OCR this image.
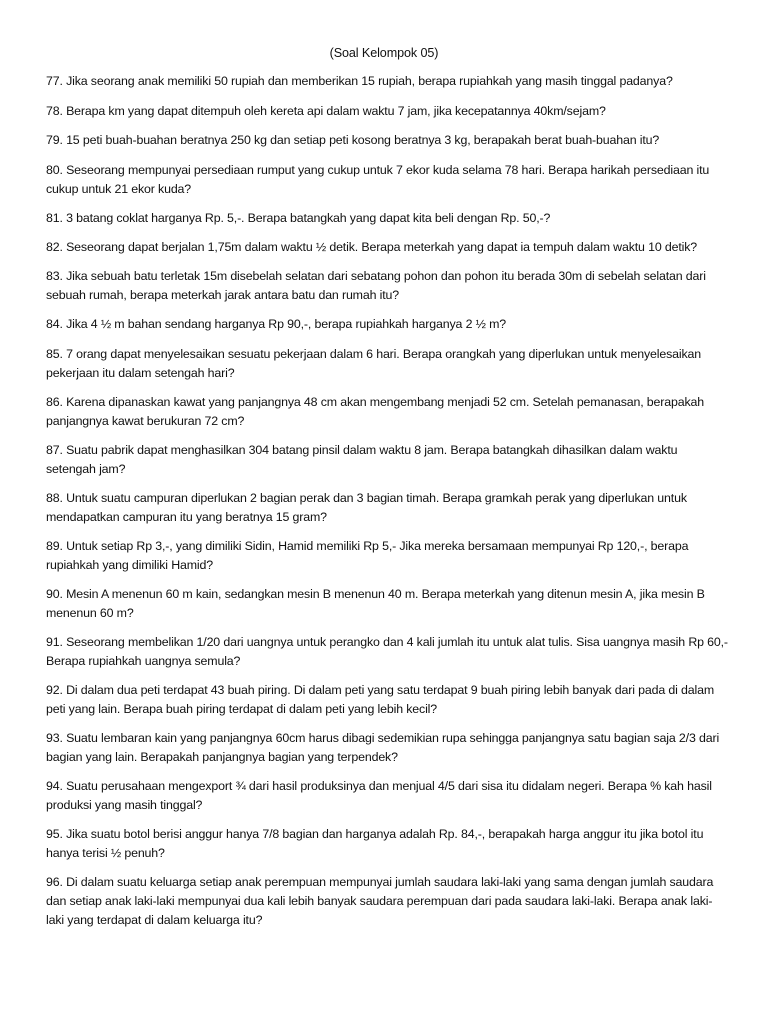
(Soal Kelompok 05)
77. Jika seorang anak memiliki 50 rupiah dan memberikan 15 rupiah, berapa rupiahkah yang masih tinggal padanya?
78. Berapa km yang dapat ditempuh oleh kereta api dalam waktu 7 jam, jika kecepatannya 40km/sejam?
79. 15 peti buah-buahan beratnya 250 kg dan setiap peti kosong beratnya 3 kg, berapakah berat buah-buahan itu?
80. Seseorang mempunyai persediaan rumput yang cukup untuk 7 ekor kuda selama 78 hari. Berapa harikah persediaan itu cukup untuk 21 ekor kuda?
81. 3 batang coklat harganya Rp. 5,-. Berapa batangkah yang dapat kita beli dengan Rp. 50,-?
82. Seseorang dapat berjalan 1,75m dalam waktu ½ detik. Berapa meterkah yang dapat ia tempuh dalam waktu 10 detik?
83. Jika sebuah batu terletak 15m disebelah selatan dari sebatang pohon dan pohon itu berada 30m di sebelah selatan dari sebuah rumah, berapa meterkah jarak antara batu dan rumah itu?
84. Jika 4 ½ m bahan sendang harganya Rp 90,-, berapa rupiahkah harganya 2 ½ m?
85. 7 orang dapat menyelesaikan sesuatu pekerjaan dalam 6 hari. Berapa orangkah yang diperlukan untuk menyelesaikan pekerjaan itu dalam setengah hari?
86. Karena dipanaskan kawat yang panjangnya 48 cm akan mengembang menjadi 52 cm. Setelah pemanasan, berapakah panjangnya kawat berukuran 72 cm?
87. Suatu pabrik dapat menghasilkan 304 batang pinsil dalam waktu 8 jam. Berapa batangkah dihasilkan dalam waktu setengah jam?
88. Untuk suatu campuran diperlukan 2 bagian perak dan 3 bagian timah. Berapa gramkah perak yang diperlukan untuk mendapatkan campuran itu yang beratnya 15 gram?
89. Untuk setiap Rp 3,-, yang dimiliki Sidin, Hamid memiliki Rp 5,- Jika mereka bersamaan mempunyai Rp 120,-, berapa rupiahkah yang dimiliki Hamid?
90. Mesin A menenun 60 m kain, sedangkan mesin B menenun 40 m. Berapa meterkah yang ditenun mesin A, jika mesin B menenun 60 m?
91. Seseorang membelikan 1/20 dari uangnya untuk perangko dan 4 kali jumlah itu untuk alat tulis. Sisa uangnya masih Rp 60,- Berapa rupiahkah uangnya semula?
92. Di dalam dua peti terdapat 43 buah piring. Di dalam peti yang satu terdapat 9 buah piring lebih banyak dari pada di dalam peti yang lain. Berapa buah piring terdapat di dalam peti yang lebih kecil?
93. Suatu lembaran kain yang panjangnya 60cm harus dibagi sedemikian rupa sehingga panjangnya satu bagian saja 2/3 dari bagian yang lain. Berapakah panjangnya bagian yang terpendek?
94. Suatu perusahaan mengexport ¾ dari hasil produksinya dan menjual 4/5 dari sisa itu didalam negeri. Berapa % kah hasil produksi yang masih tinggal?
95. Jika suatu botol berisi anggur hanya 7/8 bagian dan harganya adalah Rp. 84,-, berapakah harga anggur itu jika botol itu hanya terisi ½ penuh?
96. Di dalam suatu keluarga setiap anak perempuan mempunyai jumlah saudara laki-laki yang sama dengan jumlah saudara dan setiap anak laki-laki mempunyai dua kali lebih banyak saudara perempuan dari pada saudara laki-laki. Berapa anak laki-laki yang terdapat di dalam keluarga itu?
